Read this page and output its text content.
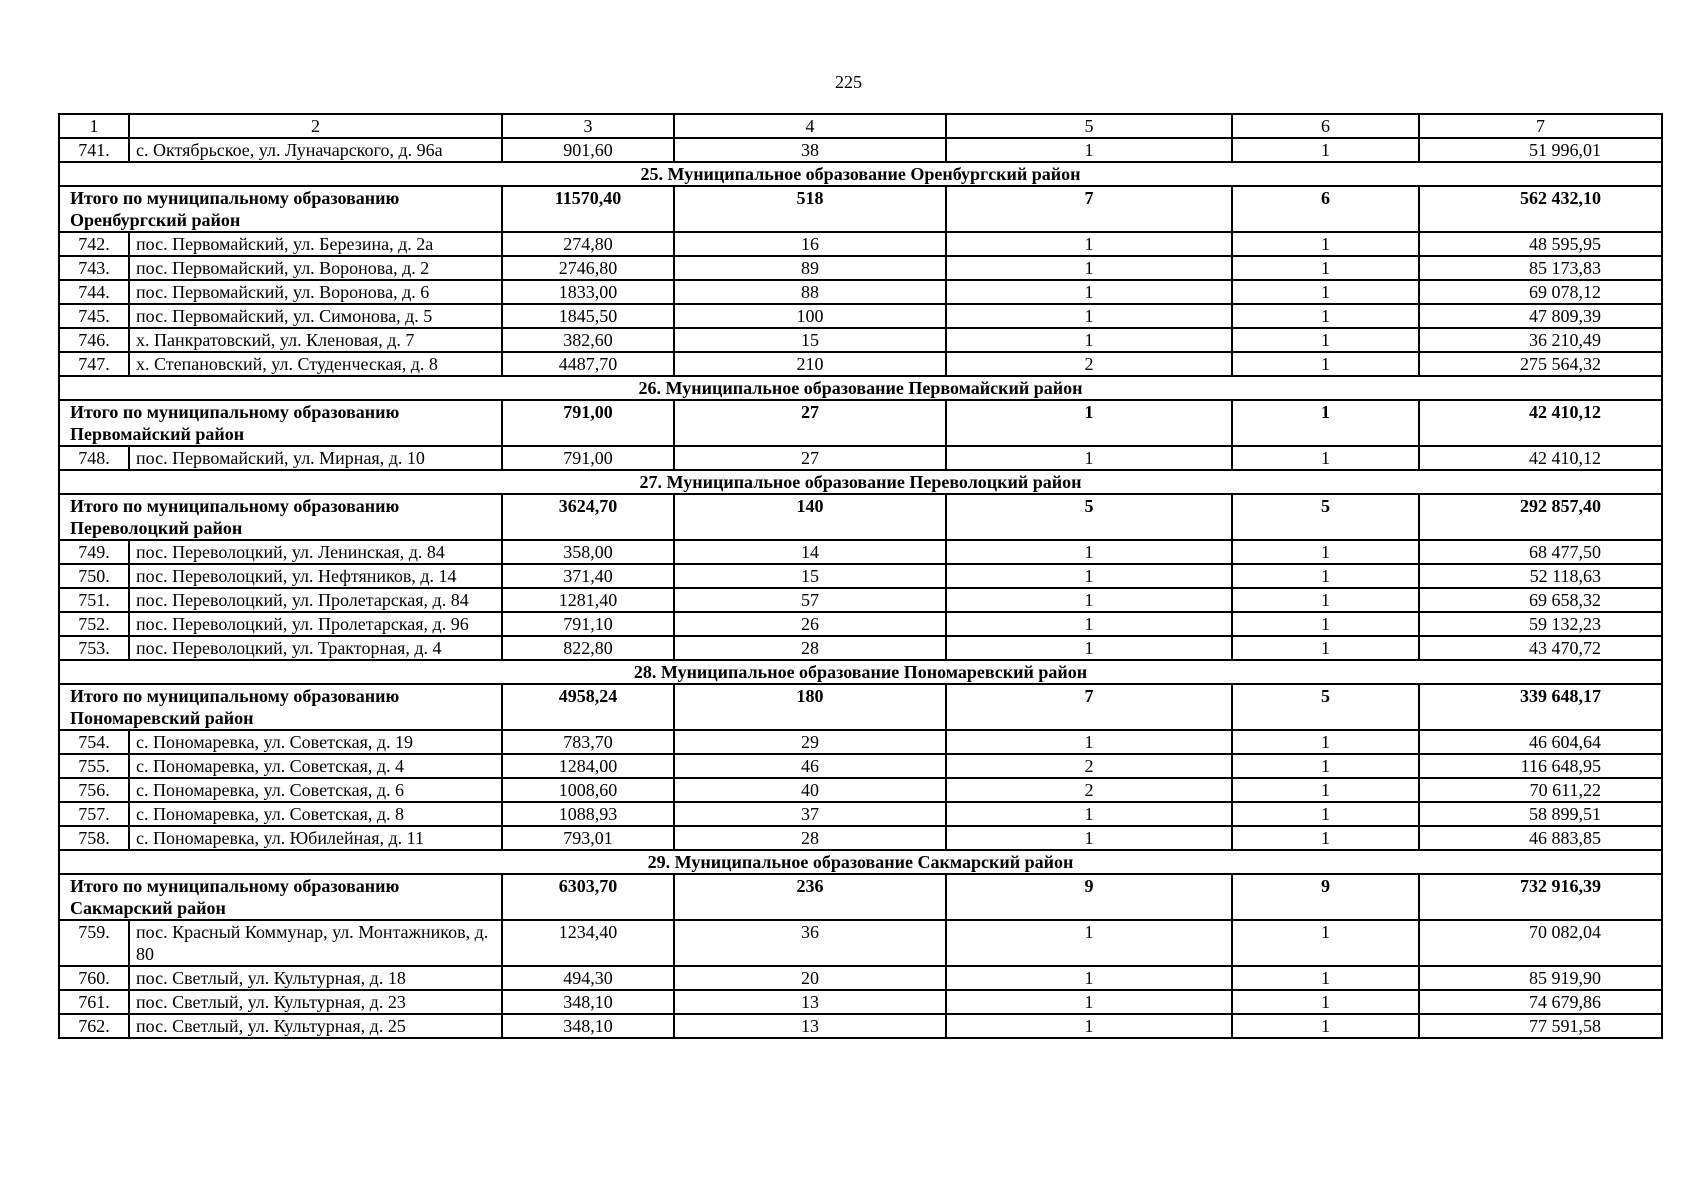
225
1	2	3	4	5	6	7
741.	с. Октябрьское, ул. Луначарского, д. 96а	901,60	38	1	1	51 996,01
25. Муниципальное образование Оренбургский район						
Итого по муниципальному образованию Оренбургский район		11570,40	518	7	6	562 432,10
742.	пос. Первомайский, ул. Березина, д. 2а	274,80	16	1	1	48 595,95
743.	пос. Первомайский, ул. Воронова, д. 2	2746,80	89	1	1	85 173,83
744.	пос. Первомайский, ул. Воронова, д. 6	1833,00	88	1	1	69 078,12
745.	пос. Первомайский, ул. Симонова, д. 5	1845,50	100	1	1	47 809,39
746.	х. Панкратовский, ул. Кленовая, д. 7	382,60	15	1	1	36 210,49
747.	х. Степановский, ул. Студенческая, д. 8	4487,70	210	2	1	275 564,32
26. Муниципальное образование Первомайский район						
Итого по муниципальному образованию Первомайский район		791,00	27	1	1	42 410,12
748.	пос. Первомайский, ул. Мирная, д. 10	791,00	27	1	1	42 410,12
27. Муниципальное образование Переволоцкий район						
Итого по муниципальному образованию Переволоцкий район		3624,70	140	5	5	292 857,40
749.	пос. Переволоцкий, ул. Ленинская, д. 84	358,00	14	1	1	68 477,50
750.	пос. Переволоцкий, ул. Нефтяников, д. 14	371,40	15	1	1	52 118,63
751.	пос. Переволоцкий, ул. Пролетарская, д. 84	1281,40	57	1	1	69 658,32
752.	пос. Переволоцкий, ул. Пролетарская, д. 96	791,10	26	1	1	59 132,23
753.	пос. Переволоцкий, ул. Тракторная, д. 4	822,80	28	1	1	43 470,72
28. Муниципальное образование Пономаревский район						
Итого по муниципальному образованию Пономаревский район		4958,24	180	7	5	339 648,17
754.	с. Пономаревка, ул. Советская, д. 19	783,70	29	1	1	46 604,64
755.	с. Пономаревка, ул. Советская, д. 4	1284,00	46	2	1	116 648,95
756.	с. Пономаревка, ул. Советская, д. 6	1008,60	40	2	1	70 611,22
757.	с. Пономаревка, ул. Советская, д. 8	1088,93	37	1	1	58 899,51
758.	с. Пономаревка, ул. Юбилейная, д. 11	793,01	28	1	1	46 883,85
29. Муниципальное образование Сакмарский район						
Итого по муниципальному образованию Сакмарский район		6303,70	236	9	9	732 916,39
759.	пос. Красный Коммунар, ул. Монтажников, д. 80	1234,40	36	1	1	70 082,04
760.	пос. Светлый, ул. Культурная, д. 18	494,30	20	1	1	85 919,90
761.	пос. Светлый, ул. Культурная, д. 23	348,10	13	1	1	74 679,86
762.	пос. Светлый, ул. Культурная, д. 25	348,10	13	1	1	77 591,58
